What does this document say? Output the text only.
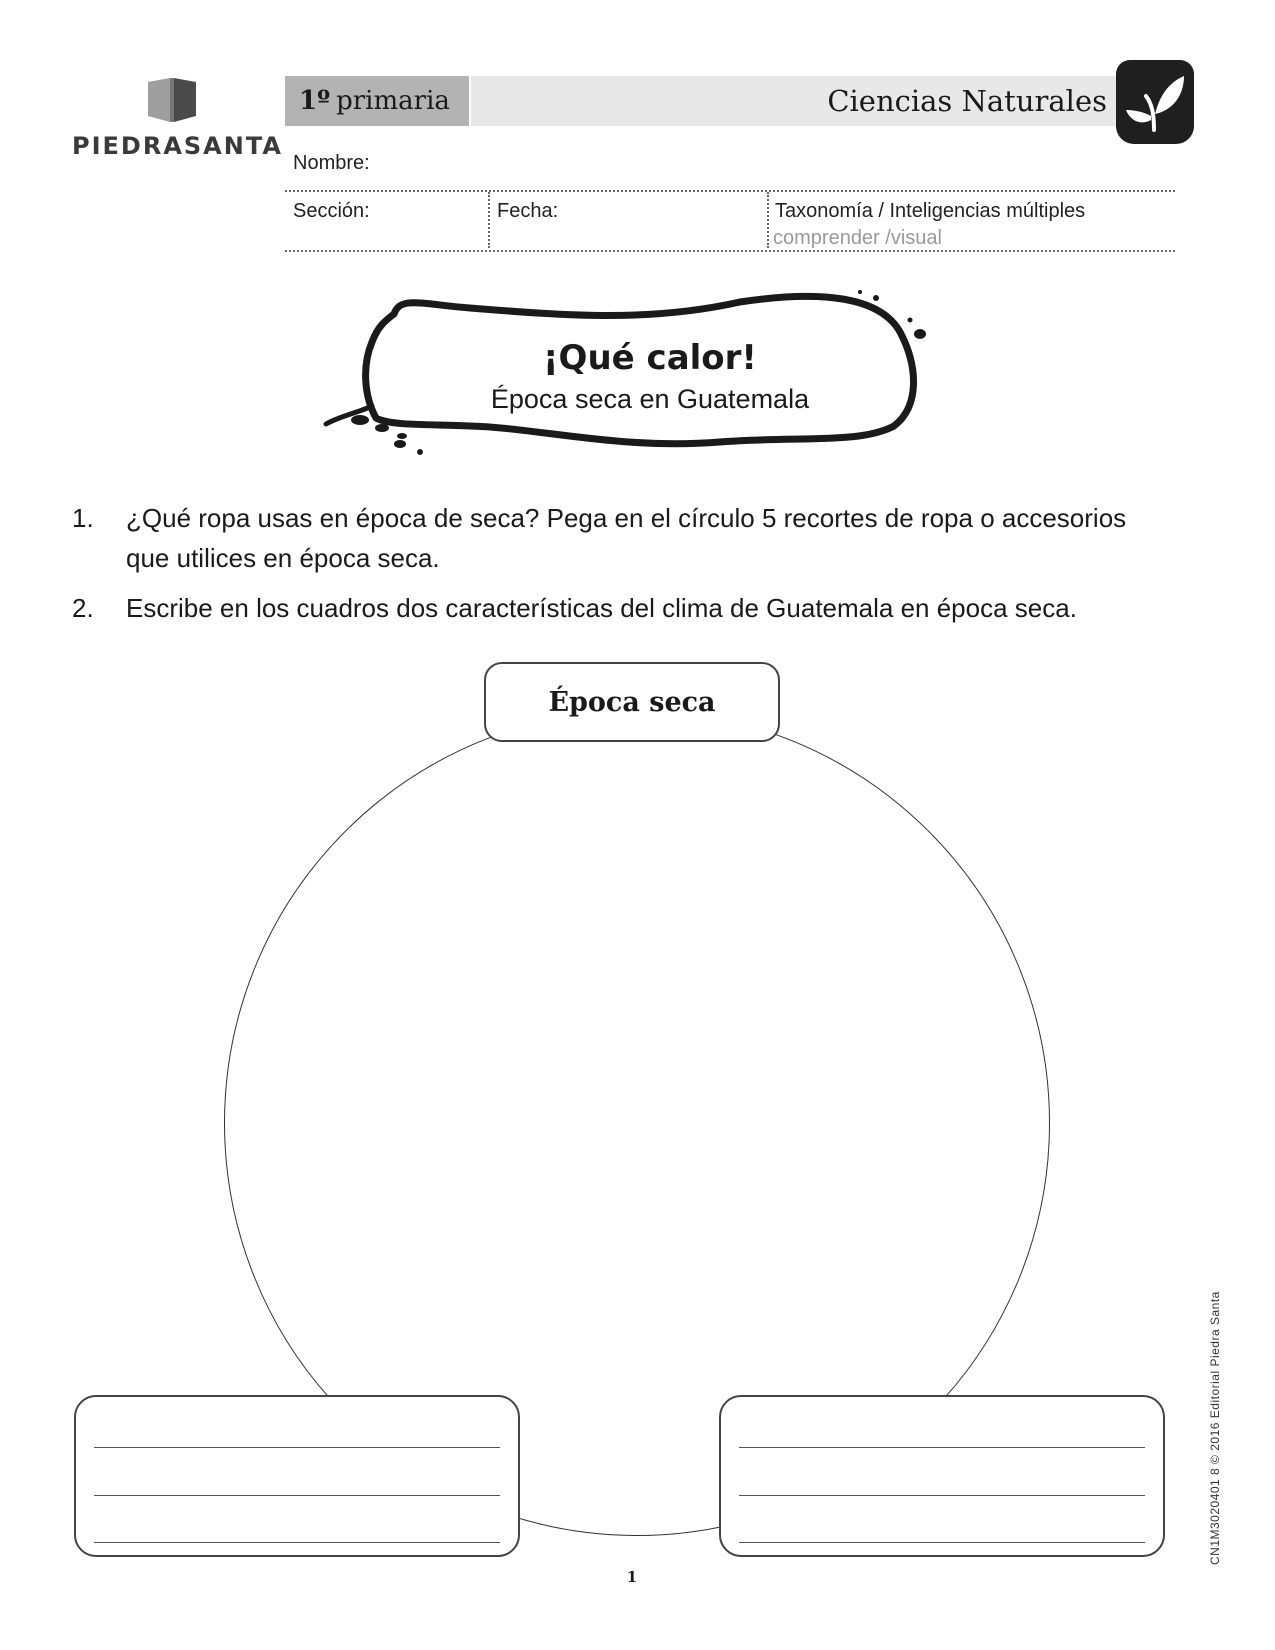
PIEDRASANTA
1º primaria	Ciencias Naturales
Nombre:
Sección:	Fecha:	Taxonomía / Inteligencias múltiples
comprender /visual
¡Qué calor!
Época seca en Guatemala
1.	¿Qué ropa usas en época de seca? Pega en el círculo 5 recortes de ropa o accesorios que utilices en época seca.
2.	Escribe en los cuadros dos características del clima de Guatemala en época seca.
Época seca
1
CN1M3020401 8 © 2016 Editorial Piedra Santa
